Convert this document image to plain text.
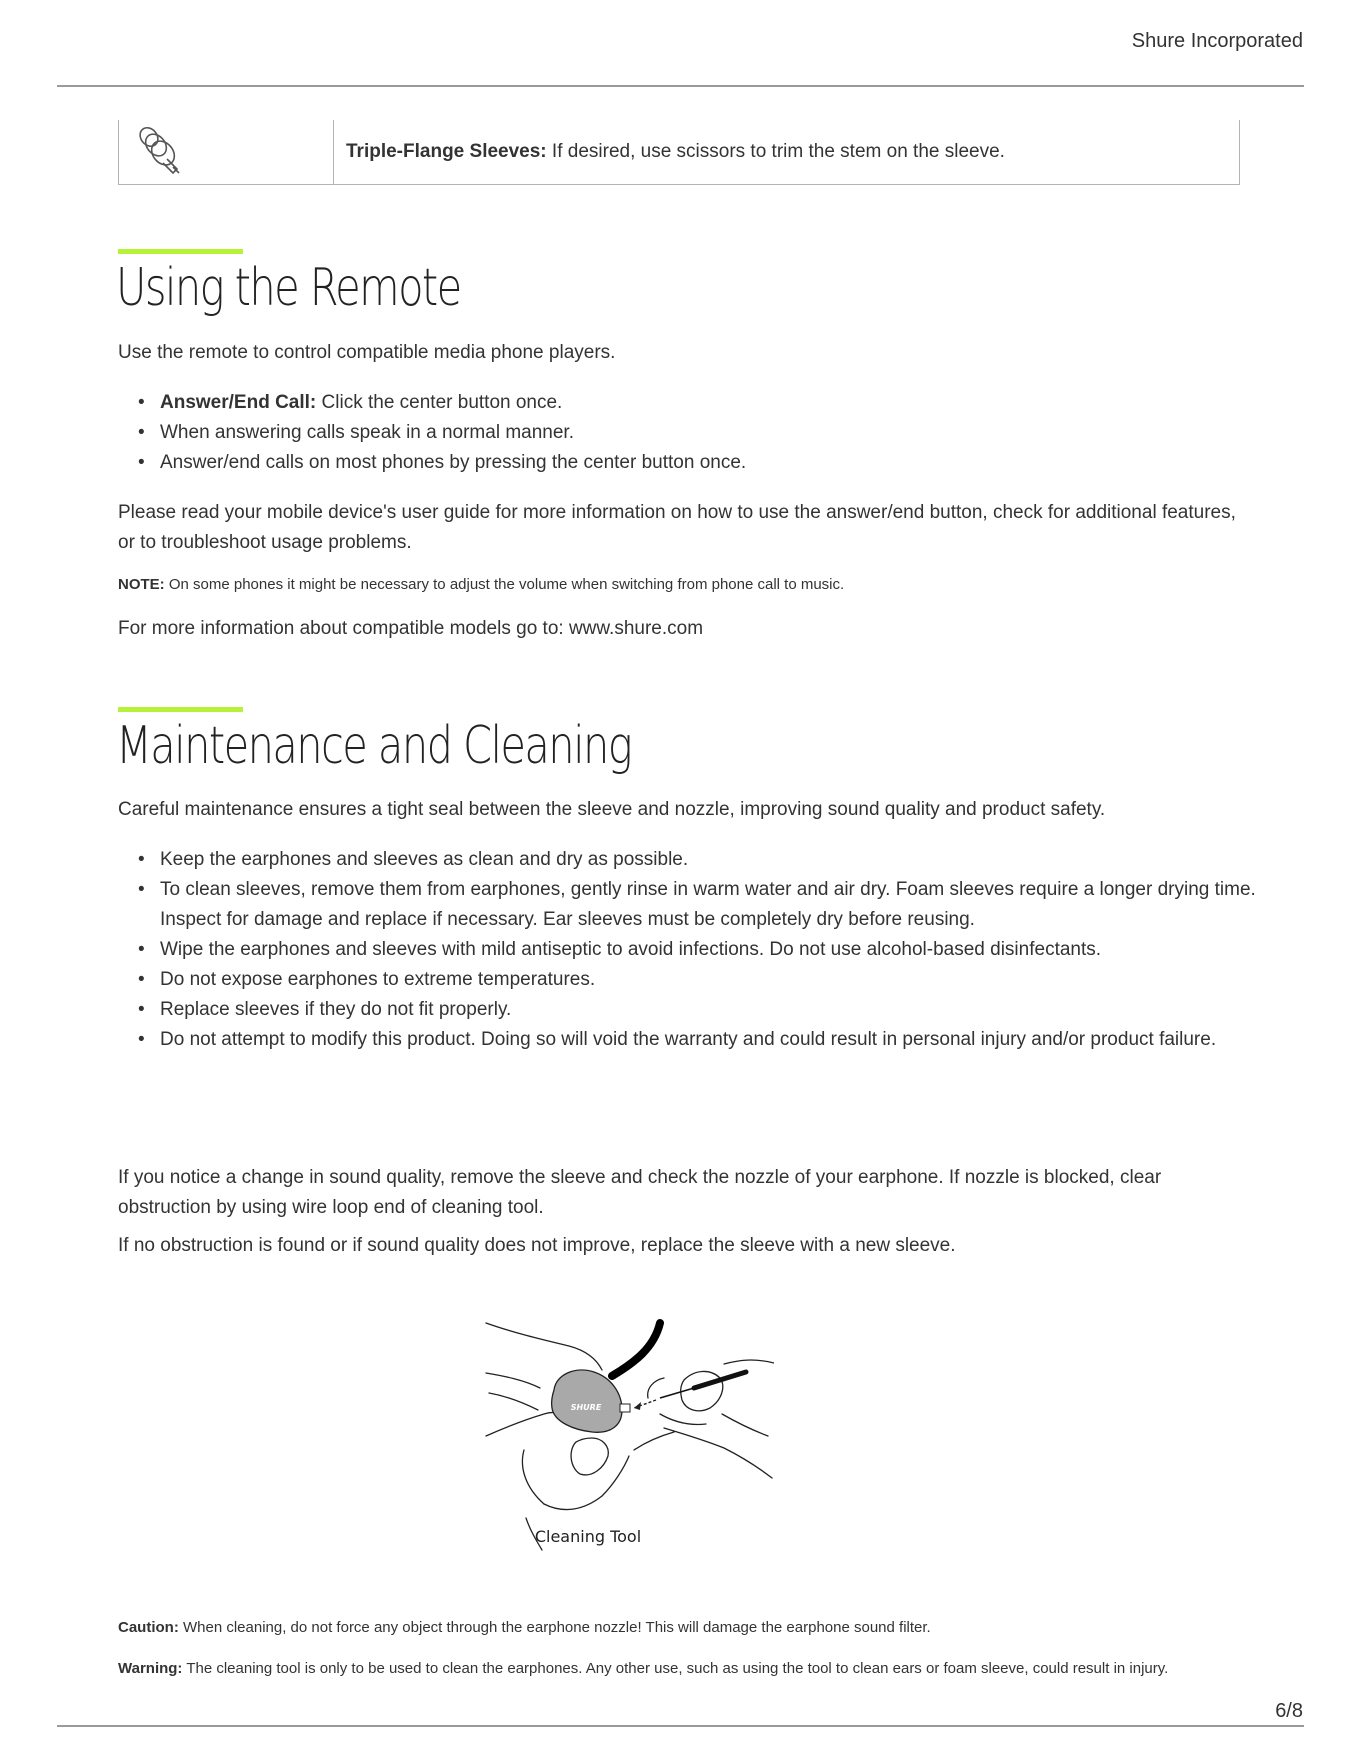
Shure Incorporated
	Triple-Flange Sleeves: If desired, use scissors to trim the stem on the sleeve.
Using the Remote

Use the remote to control compatible media phone players.

• Answer/End Call: Click the center button once.
• When answering calls speak in a normal manner.
• Answer/end calls on most phones by pressing the center button once.

Please read your mobile device's user guide for more information on how to use the answer/end button, check for additional features, or to troubleshoot usage problems.

NOTE: On some phones it might be necessary to adjust the volume when switching from phone call to music.

For more information about compatible models go to: www.shure.com

Maintenance and Cleaning

Careful maintenance ensures a tight seal between the sleeve and nozzle, improving sound quality and product safety.

• Keep the earphones and sleeves as clean and dry as possible.
• To clean sleeves, remove them from earphones, gently rinse in warm water and air dry. Foam sleeves require a longer drying time. Inspect for damage and replace if necessary. Ear sleeves must be completely dry before reusing.
• Wipe the earphones and sleeves with mild antiseptic to avoid infections. Do not use alcohol-based disinfectants.
• Do not expose earphones to extreme temperatures.
• Replace sleeves if they do not fit properly.
• Do not attempt to modify this product. Doing so will void the warranty and could result in personal injury and/or product failure.

If you notice a change in sound quality, remove the sleeve and check the nozzle of your earphone. If nozzle is blocked, clear obstruction by using wire loop end of cleaning tool.

If no obstruction is found or if sound quality does not improve, replace the sleeve with a new sleeve.

SHURE
Cleaning Tool

Caution: When cleaning, do not force any object through the earphone nozzle! This will damage the earphone sound filter.

Warning: The cleaning tool is only to be used to clean the earphones. Any other use, such as using the tool to clean ears or foam sleeve, could result in injury.

6/8
